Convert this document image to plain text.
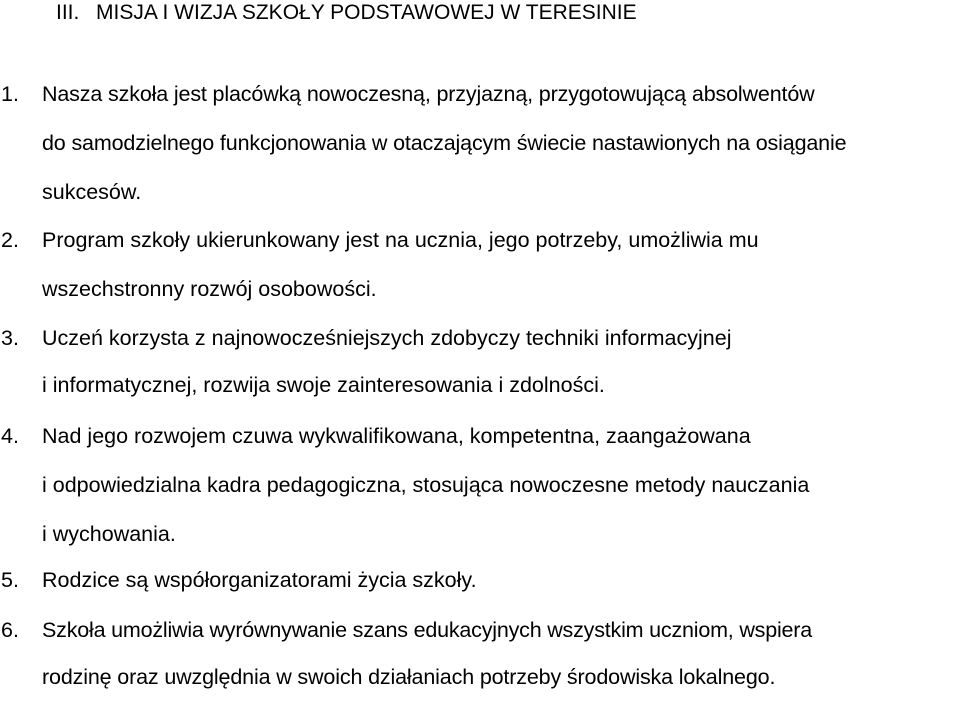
III. MISJA I WIZJA SZKOŁY PODSTAWOWEJ W TERESINIE
1. Nasza szkoła jest placówką nowoczesną, przyjazną, przygotowującą absolwentów
do samodzielnego funkcjonowania w otaczającym świecie nastawionych na osiąganie
sukcesów.
2. Program szkoły ukierunkowany jest na ucznia, jego potrzeby, umożliwia mu
wszechstronny rozwój osobowości.
3. Uczeń korzysta z najnowocześniejszych zdobyczy techniki informacyjnej
i informatycznej, rozwija swoje zainteresowania i zdolności.
4. Nad jego rozwojem czuwa wykwalifikowana, kompetentna, zaangażowana
i odpowiedzialna kadra pedagogiczna, stosująca nowoczesne metody nauczania
i wychowania.
5. Rodzice są współorganizatorami życia szkoły.
6. Szkoła umożliwia wyrównywanie szans edukacyjnych wszystkim uczniom, wspiera
rodzinę oraz uwzględnia w swoich działaniach potrzeby środowiska lokalnego.
